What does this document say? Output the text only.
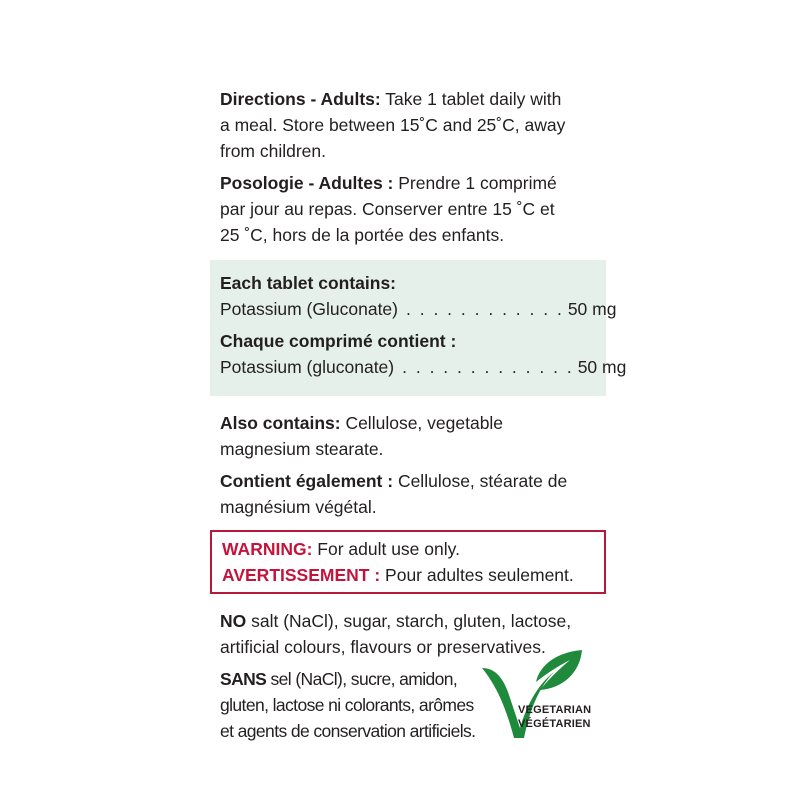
Directions - Adults: Take 1 tablet daily with
a meal. Store between 15˚C and 25˚C, away
from children.

Posologie - Adultes : Prendre 1 comprimé
par jour au repas. Conserver entre 15 ˚C et
25 ˚C, hors de la portée des enfants.

Each tablet contains:
Potassium (Gluconate) . . . . . . . . . . . . 50 mg
Chaque comprimé contient :
Potassium (gluconate) . . . . . . . . . . . . . 50 mg

Also contains: Cellulose, vegetable
magnesium stearate.

Contient également : Cellulose, stéarate de
magnésium végétal.

WARNING: For adult use only.
AVERTISSEMENT : Pour adultes seulement.

NO salt (NaCl), sugar, starch, gluten, lactose,
artificial colours, flavours or preservatives.

SANS sel (NaCl), sucre, amidon,
gluten, lactose ni colorants, arômes
et agents de conservation artificiels.

VEGETARIAN
VÉGÉTARIEN
